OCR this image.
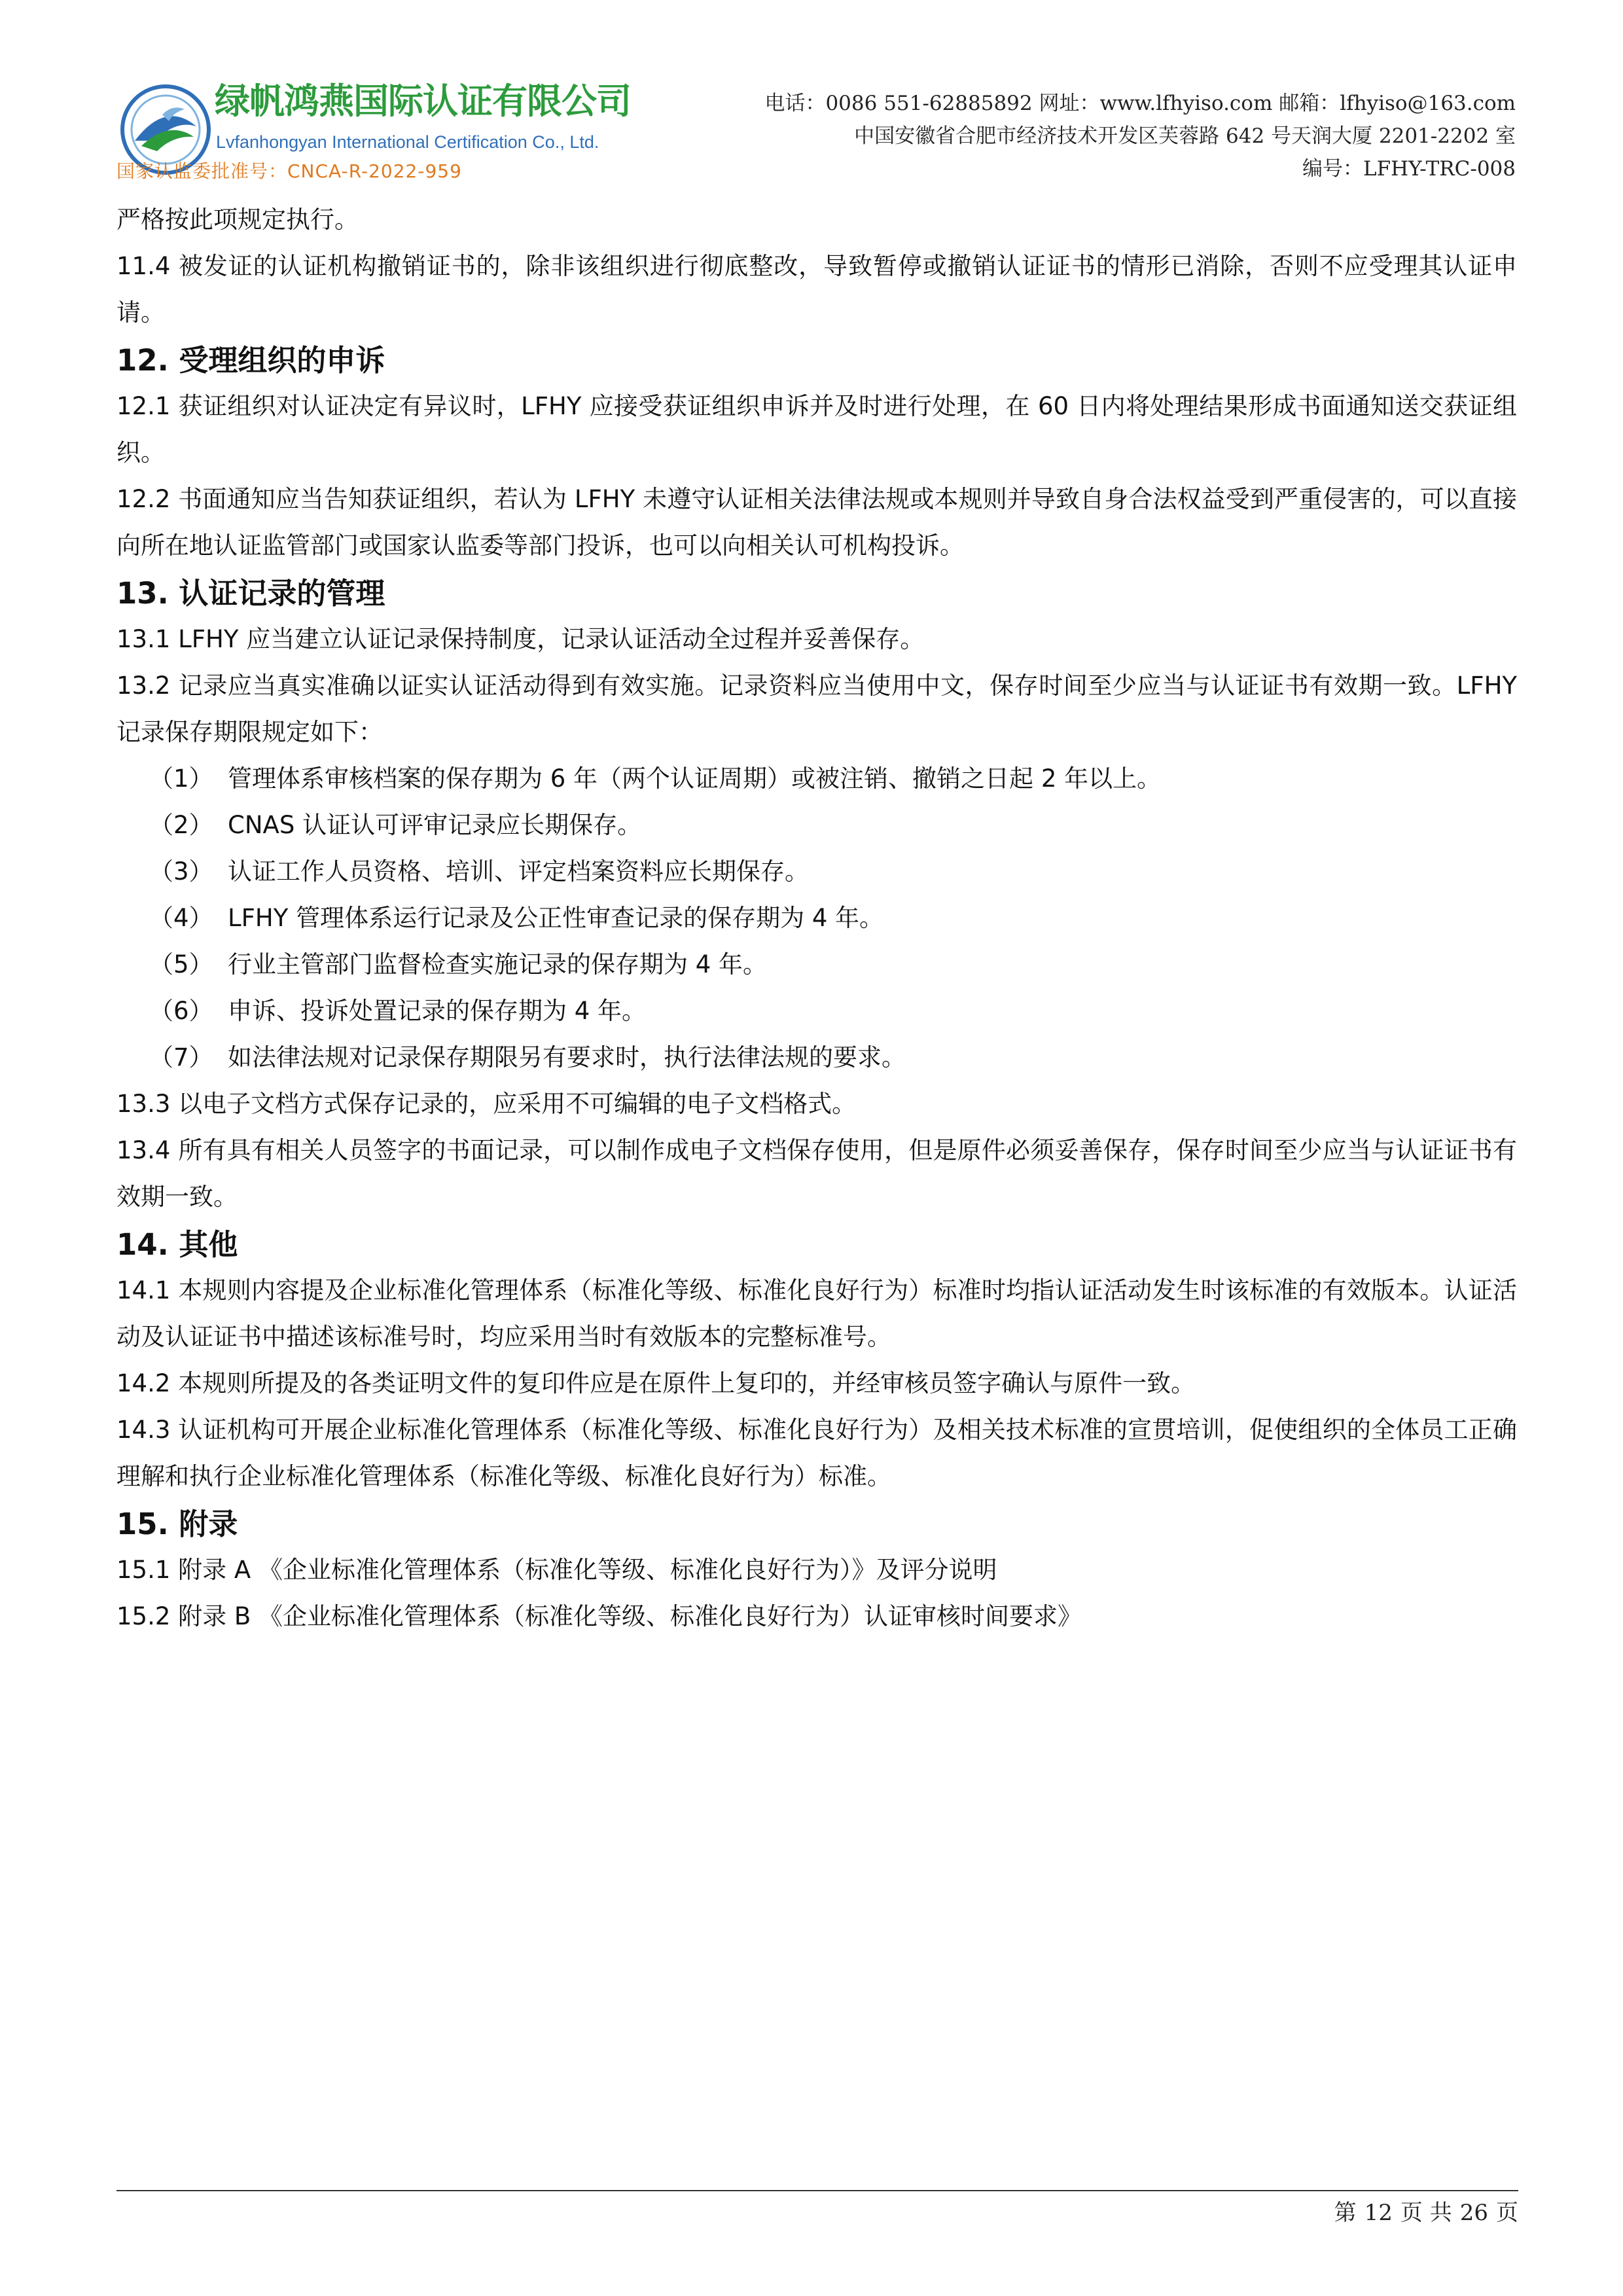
绿帆鸿燕国际认证有限公司
Lvfanhongyan International Certification Co., Ltd.
国家认监委批准号：CNCA-R-2022-959
电话：0086 551-62885892 网址：www.lfhyiso.com 邮箱：lfhyiso@163.com
中国安徽省合肥市经济技术开发区芙蓉路 642 号天润大厦 2201-2202 室
编号：LFHY-TRC-008

严格按此项规定执行。

11.4 被发证的认证机构撤销证书的，除非该组织进行彻底整改，导致暂停或撤销认证证书的情形已消除，否则不应受理其认证申请。

12. 受理组织的申诉

12.1 获证组织对认证决定有异议时，LFHY 应接受获证组织申诉并及时进行处理，在 60 日内将处理结果形成书面通知送交获证组织。

12.2 书面通知应当告知获证组织，若认为 LFHY 未遵守认证相关法律法规或本规则并导致自身合法权益受到严重侵害的，可以直接向所在地认证监管部门或国家认监委等部门投诉，也可以向相关认可机构投诉。

13. 认证记录的管理

13.1 LFHY 应当建立认证记录保持制度，记录认证活动全过程并妥善保存。

13.2 记录应当真实准确以证实认证活动得到有效实施。记录资料应当使用中文，保存时间至少应当与认证证书有效期一致。LFHY 记录保存期限规定如下：

（1） 管理体系审核档案的保存期为 6 年（两个认证周期）或被注销、撤销之日起 2 年以上。

（2） CNAS 认证认可评审记录应长期保存。

（3） 认证工作人员资格、培训、评定档案资料应长期保存。

（4） LFHY 管理体系运行记录及公正性审查记录的保存期为 4 年。

（5） 行业主管部门监督检查实施记录的保存期为 4 年。

（6） 申诉、投诉处置记录的保存期为 4 年。

（7） 如法律法规对记录保存期限另有要求时，执行法律法规的要求。

13.3 以电子文档方式保存记录的，应采用不可编辑的电子文档格式。

13.4 所有具有相关人员签字的书面记录，可以制作成电子文档保存使用，但是原件必须妥善保存，保存时间至少应当与认证证书有效期一致。

14. 其他

14.1 本规则内容提及企业标准化管理体系（标准化等级、标准化良好行为）标准时均指认证活动发生时该标准的有效版本。认证活动及认证证书中描述该标准号时，均应采用当时有效版本的完整标准号。

14.2 本规则所提及的各类证明文件的复印件应是在原件上复印的，并经审核员签字确认与原件一致。

14.3 认证机构可开展企业标准化管理体系（标准化等级、标准化良好行为）及相关技术标准的宣贯培训，促使组织的全体员工正确理解和执行企业标准化管理体系（标准化等级、标准化良好行为）标准。

15. 附录

15.1 附录 A 《企业标准化管理体系（标准化等级、标准化良好行为）》及评分说明

15.2 附录 B 《企业标准化管理体系（标准化等级、标准化良好行为）认证审核时间要求》

第 12 页 共 26 页
